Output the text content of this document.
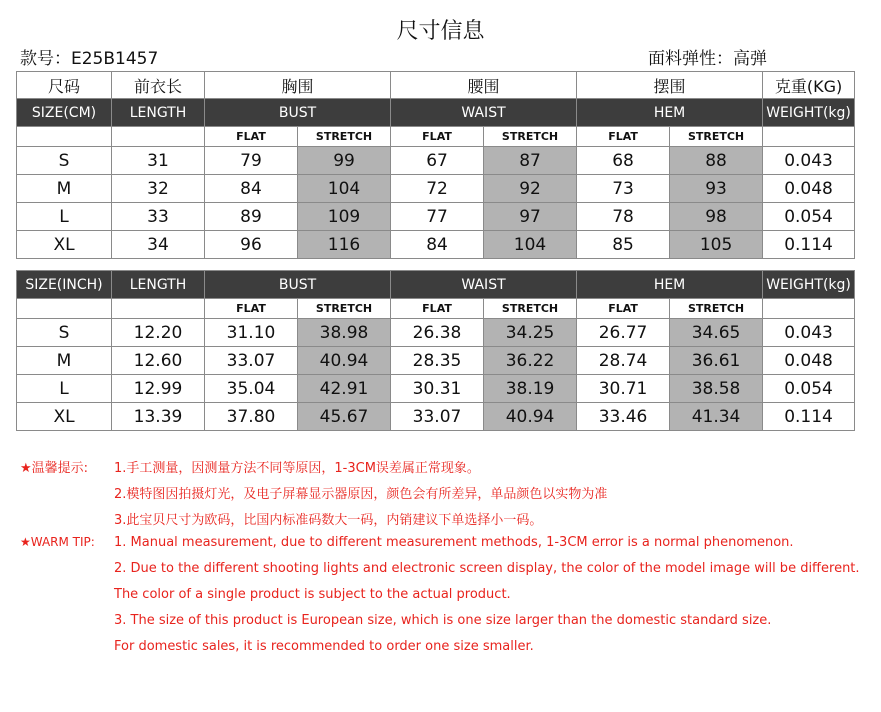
尺寸信息
款号：E25B1457	面料弹性：高弹
尺码	前衣长	胸围	腰围	摆围	克重(KG)
SIZE(CM)	LENGTH	BUST		WAIST		HEM		WEIGHT(kg)
		FLAT	STRETCH	FLAT	STRETCH	FLAT	STRETCH	
S	31	79	99	67	87	68	88	0.043
M	32	84	104	72	92	73	93	0.048
L	33	89	109	77	97	78	98	0.054
XL	34	96	116	84	104	85	105	0.114
SIZE(INCH)	LENGTH	BUST		WAIST		HEM		WEIGHT(kg)
		FLAT	STRETCH	FLAT	STRETCH	FLAT	STRETCH	
S	12.20	31.10	38.98	26.38	34.25	26.77	34.65	0.043
M	12.60	33.07	40.94	28.35	36.22	28.74	36.61	0.048
L	12.99	35.04	42.91	30.31	38.19	30.71	38.58	0.054
XL	13.39	37.80	45.67	33.07	40.94	33.46	41.34	0.114
★温馨提示: 1.手工测量，因测量方法不同等原因，1-3CM误差属正常现象。
2.模特图因拍摄灯光，及电子屏幕显示器原因，颜色会有所差异，单品颜色以实物为准
3.此宝贝尺寸为欧码，比国内标准码数大一码，内销建议下单选择小一码。
★WARM TIP: 1. Manual measurement, due to different measurement methods, 1-3CM error is a normal phenomenon.
2. Due to the different shooting lights and electronic screen display, the color of the model image will be different.
The color of a single product is subject to the actual product.
3. The size of this product is European size, which is one size larger than the domestic standard size.
For domestic sales, it is recommended to order one size smaller.
